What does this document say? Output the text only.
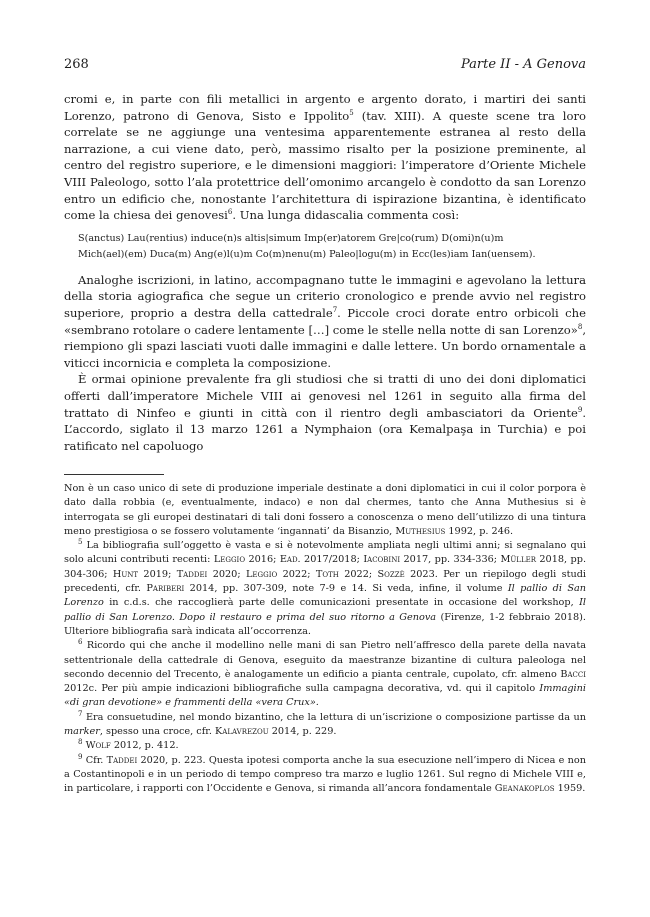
268	Parte II - A Genova

cromi e, in parte con fili metallici in argento e argento dorato, i martiri dei santi Lorenzo, patrono di Genova, Sisto e Ippolito$^5$ (tav. XIII). A queste scene tra loro correlate se ne aggiunge una ventesima apparentemente estranea al resto della narrazione, a cui viene dato, però, massimo risalto per la posizione preminente, al centro del registro superiore, e le dimensioni maggiori: l’imperatore d’Oriente Michele VIII Paleologo, sotto l’ala protettrice dell’omonimo arcangelo è condotto da san Lorenzo entro un edificio che, nonostante l’architettura di ispirazione bizantina, è identificato come la chiesa dei genovesi$^6$. Una lunga didascalia commenta così:

S(anctus) Lau(rentius) induce(n)s altis|simum Imp(er)atorem Gre|co(rum) D(omi)n(u)m
Mich(ael)(em) Duca(m) Ang(e)l(u)m Co(m)nenu(m) Paleo|logu(m) in Ecc(les)iam Ian(uensem).

Analoghe iscrizioni, in latino, accompagnano tutte le immagini e agevolano la lettura della storia agiografica che segue un criterio cronologico e prende avvio nel registro superiore, proprio a destra della cattedrale$^7$. Piccole croci dorate entro orbicoli che «sembrano rotolare o cadere lentamente […] come le stelle nella notte di san Lorenzo»$^8$, riempiono gli spazi lasciati vuoti dalle immagini e dalle lettere. Un bordo ornamentale a viticci incornicia e completa la composizione.

È ormai opinione prevalente fra gli studiosi che si tratti di uno dei doni diplomatici offerti dall’imperatore Michele VIII ai genovesi nel 1261 in seguito alla firma del trattato di Ninfeo e giunti in città con il rientro degli ambasciatori da Oriente$^9$. L’accordo, siglato il 13 marzo 1261 a Nymphaion (ora Kemalpaşa in Turchia) e poi ratificato nel capoluogo

Non è un caso unico di sete di produzione imperiale destinate a doni diplomatici in cui il color porpora è dato dalla robbia (e, eventualmente, indaco) e non dal chermes, tanto che Anna Muthesius si è interrogata se gli europei destinatari di tali doni fossero a conoscenza o meno dell’utilizzo di una tintura meno prestigiosa o se fossero volutamente ‘ingannati’ da Bisanzio, Muthesius 1992, p. 246.

$^5$ La bibliografia sull’oggetto è vasta e si è notevolmente ampliata negli ultimi anni; si segnalano qui solo alcuni contributi recenti: Leggio 2016; Ead. 2017/2018; Iacobini 2017, pp. 334-336; Müller 2018, pp. 304-306; Hunt 2019; Taddei 2020; Leggio 2022; Toth 2022; Sozzè 2023. Per un riepilogo degli studi precedenti, cfr. Pariberi 2014, pp. 307-309, note 7-9 e 14. Si veda, infine, il volume Il pallio di San Lorenzo in c.d.s. che raccoglierà parte delle comunicazioni presentate in occasione del workshop, Il pallio di San Lorenzo. Dopo il restauro e prima del suo ritorno a Genova (Firenze, 1-2 febbraio 2018). Ulteriore bibliografia sarà indicata all’occorrenza.

$^6$ Ricordo qui che anche il modellino nelle mani di san Pietro nell’affresco della parete della navata settentrionale della cattedrale di Genova, eseguito da maestranze bizantine di cultura paleologa nel secondo decennio del Trecento, è analogamente un edificio a pianta centrale, cupolato, cfr. almeno Bacci 2012c. Per più ampie indicazioni bibliografiche sulla campagna decorativa, vd. qui il capitolo Immagini «di gran devotione» e frammenti della «vera Crux».

$^7$ Era consuetudine, nel mondo bizantino, che la lettura di un’iscrizione o composizione partisse da un marker, spesso una croce, cfr. Kalavrezou 2014, p. 229.

$^8$ Wolf 2012, p. 412.

$^9$ Cfr. Taddei 2020, p. 223. Questa ipotesi comporta anche la sua esecuzione nell’impero di Nicea e non a Costantinopoli e in un periodo di tempo compreso tra marzo e luglio 1261. Sul regno di Michele VIII e, in particolare, i rapporti con l’Occidente e Genova, si rimanda all’ancora fondamentale Geanakoplos 1959.
